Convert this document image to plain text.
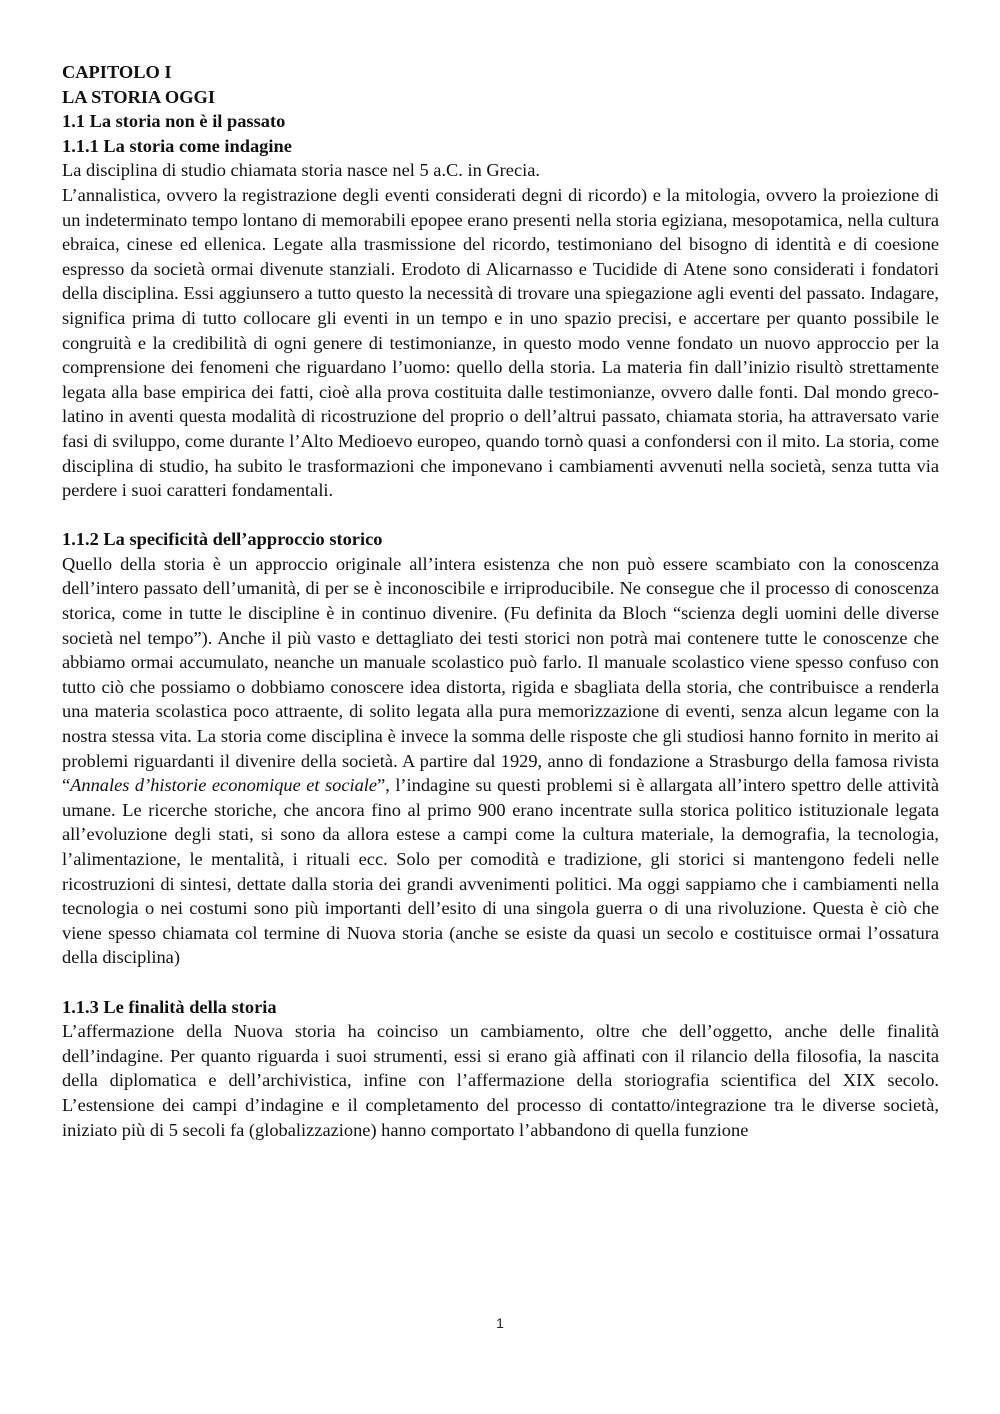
CAPITOLO I

LA STORIA OGGI

1.1 La storia non è il passato

1.1.1 La storia come indagine

La disciplina di studio chiamata storia nasce nel 5 a.C. in Grecia.

L’annalistica, ovvero la registrazione degli eventi considerati degni di ricordo) e la mitologia, ovvero la proiezione di un indeterminato tempo lontano di memorabili epopee erano presenti nella storia egiziana, mesopotamica, nella cultura ebraica, cinese ed ellenica. Legate alla trasmissione del ricordo, testimoniano del bisogno di identità e di coesione espresso da società ormai divenute stanziali. Erodoto di Alicarnasso e Tucidide di Atene sono considerati i fondatori della disciplina. Essi aggiunsero a tutto questo la necessità di trovare una spiegazione agli eventi del passato. Indagare, significa prima di tutto collocare gli eventi in un tempo e in uno spazio precisi, e accertare per quanto possibile le congruità e la credibilità di ogni genere di testimonianze, in questo modo venne fondato un nuovo approccio per la comprensione dei fenomeni che riguardano l’uomo: quello della storia. La materia fin dall’inizio risultò strettamente legata alla base empirica dei fatti, cioè alla prova costituita dalle testimonianze, ovvero dalle fonti. Dal mondo greco-latino in aventi questa modalità di ricostruzione del proprio o dell’altrui passato, chiamata storia, ha attraversato varie fasi di sviluppo, come durante l’Alto Medioevo europeo, quando tornò quasi a confondersi con il mito. La storia, come disciplina di studio, ha subito le trasformazioni che imponevano i cambiamenti avvenuti nella società, senza tutta via perdere i suoi caratteri fondamentali.

1.1.2 La specificità dell’approccio storico

Quello della storia è un approccio originale all’intera esistenza che non può essere scambiato con la conoscenza dell’intero passato dell’umanità, di per se è inconoscibile e irriproducibile. Ne consegue che il processo di conoscenza storica, come in tutte le discipline è in continuo divenire. (Fu definita da Bloch “scienza degli uomini delle diverse società nel tempo”). Anche il più vasto e dettagliato dei testi storici non potrà mai contenere tutte le conoscenze che abbiamo ormai accumulato, neanche un manuale scolastico può farlo. Il manuale scolastico viene spesso confuso con tutto ciò che possiamo o dobbiamo conoscere idea distorta, rigida e sbagliata della storia, che contribuisce a renderla una materia scolastica poco attraente, di solito legata alla pura memorizzazione di eventi, senza alcun legame con la nostra stessa vita. La storia come disciplina è invece la somma delle risposte che gli studiosi hanno fornito in merito ai problemi riguardanti il divenire della società. A partire dal 1929, anno di fondazione a Strasburgo della famosa rivista “Annales d’historie economique et sociale”, l’indagine su questi problemi si è allargata all’intero spettro delle attività umane. Le ricerche storiche, che ancora fino al primo 900 erano incentrate sulla storica politico istituzionale legata all’evoluzione degli stati, si sono da allora estese a campi come la cultura materiale, la demografia, la tecnologia, l’alimentazione, le mentalità, i rituali ecc. Solo per comodità e tradizione, gli storici si mantengono fedeli nelle ricostruzioni di sintesi, dettate dalla storia dei grandi avvenimenti politici. Ma oggi sappiamo che i cambiamenti nella tecnologia o nei costumi sono più importanti dell’esito di una singola guerra o di una rivoluzione. Questa è ciò che viene spesso chiamata col termine di Nuova storia (anche se esiste da quasi un secolo e costituisce ormai l’ossatura della disciplina)

1.1.3 Le finalità della storia

L’affermazione della Nuova storia ha coinciso un cambiamento, oltre che dell’oggetto, anche delle finalità dell’indagine. Per quanto riguarda i suoi strumenti, essi si erano già affinati con il rilancio della filosofia, la nascita della diplomatica e dell’archivistica, infine con l’affermazione della storiografia scientifica del XIX secolo. L’estensione dei campi d’indagine e il completamento del processo di contatto/integrazione tra le diverse società, iniziato più di 5 secoli fa (globalizzazione) hanno comportato l’abbandono di quella funzione

1
